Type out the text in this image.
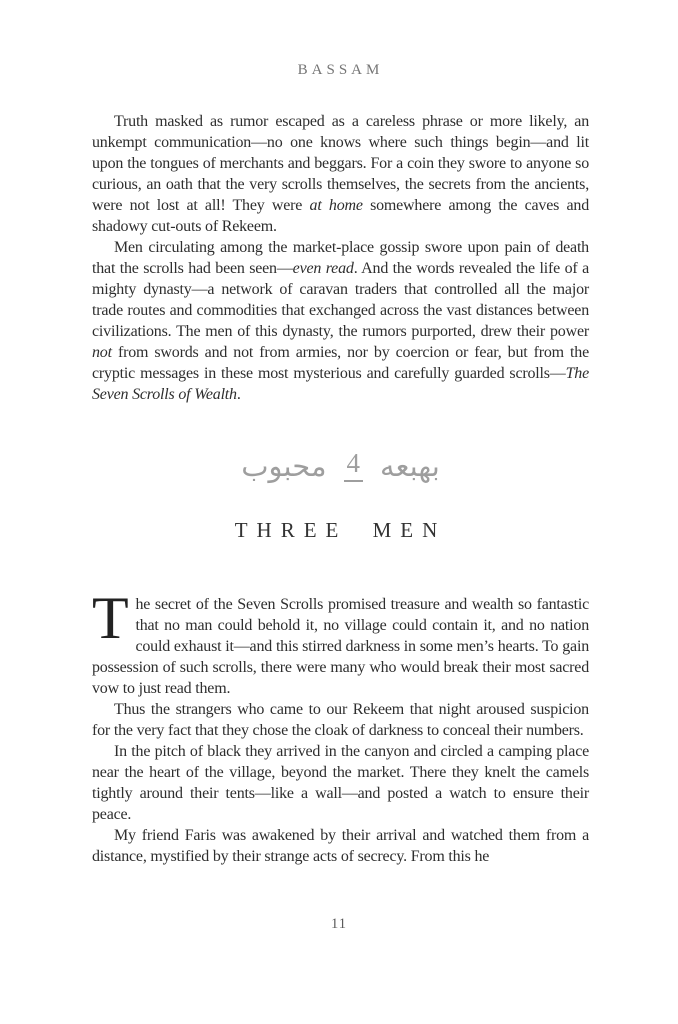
BASSAM

Truth masked as rumor escaped as a careless phrase or more likely, an unkempt communication—no one knows where such things begin—and lit upon the tongues of merchants and beggars. For a coin they swore to anyone so curious, an oath that the very scrolls themselves, the secrets from the ancients, were not lost at all! They were at home somewhere among the caves and shadowy cut-outs of Rekeem.

Men circulating among the market-place gossip swore upon pain of death that the scrolls had been seen—even read. And the words revealed the life of a mighty dynasty—a network of caravan traders that controlled all the major trade routes and commodities that exchanged across the vast distances between civilizations. The men of this dynasty, the rumors purported, drew their power not from swords and not from armies, nor by coercion or fear, but from the cryptic messages in these most mysterious and carefully guarded scrolls—The Seven Scrolls of Wealth.

بهبعه
4
محبوب
THREE MEN

The secret of the Seven Scrolls promised treasure and wealth so fantastic that no man could behold it, no village could contain it, and no nation could exhaust it—and this stirred darkness in some men’s hearts. To gain possession of such scrolls, there were many who would break their most sacred vow to just read them.

Thus the strangers who came to our Rekeem that night aroused suspicion for the very fact that they chose the cloak of darkness to conceal their numbers.

In the pitch of black they arrived in the canyon and circled a camping place near the heart of the village, beyond the market. There they knelt the camels tightly around their tents—like a wall—and posted a watch to ensure their peace.

My friend Faris was awakened by their arrival and watched them from a distance, mystified by their strange acts of secrecy. From this he

11
